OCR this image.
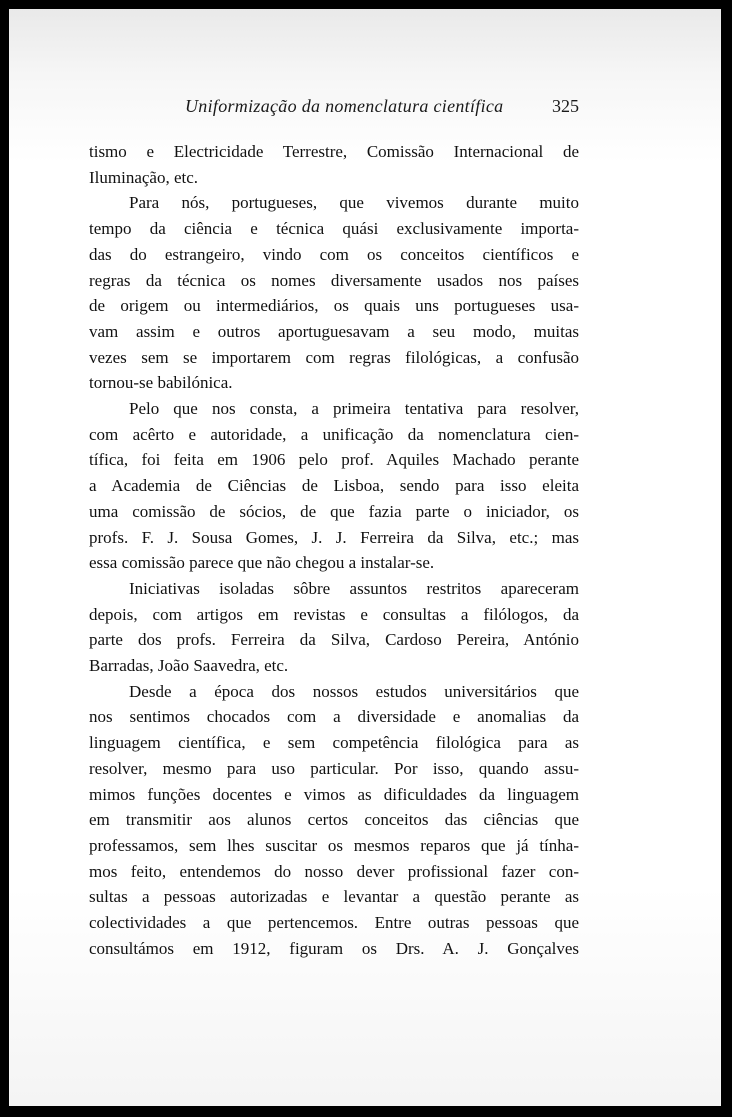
Uniformização da nomenclatura científica	325
tismo e Electricidade Terrestre, Comissão Internacional de
Iluminação, etc.
Para nós, portugueses, que vivemos durante muito
tempo da ciência e técnica quási exclusivamente importa-
das do estrangeiro, vindo com os conceitos científicos e
regras da técnica os nomes diversamente usados nos países
de origem ou intermediários, os quais uns portugueses usa-
vam assim e outros aportuguesavam a seu modo, muitas
vezes sem se importarem com regras filológicas, a confusão
tornou-se babilónica.
Pelo que nos consta, a primeira tentativa para resolver,
com acêrto e autoridade, a unificação da nomenclatura cien-
tífica, foi feita em 1906 pelo prof. Aquiles Machado perante
a Academia de Ciências de Lisboa, sendo para isso eleita
uma comissão de sócios, de que fazia parte o iniciador, os
profs. F. J. Sousa Gomes, J. J. Ferreira da Silva, etc.; mas
essa comissão parece que não chegou a instalar-se.
Iniciativas isoladas sôbre assuntos restritos apareceram
depois, com artigos em revistas e consultas a filólogos, da
parte dos profs. Ferreira da Silva, Cardoso Pereira, António
Barradas, João Saavedra, etc.
Desde a época dos nossos estudos universitários que
nos sentimos chocados com a diversidade e anomalias da
linguagem científica, e sem competência filológica para as
resolver, mesmo para uso particular. Por isso, quando assu-
mimos funções docentes e vimos as dificuldades da linguagem
em transmitir aos alunos certos conceitos das ciências que
professamos, sem lhes suscitar os mesmos reparos que já tínha-
mos feito, entendemos do nosso dever profissional fazer con-
sultas a pessoas autorizadas e levantar a questão perante as
colectividades a que pertencemos. Entre outras pessoas que
consultámos em 1912, figuram os Drs. A. J. Gonçalves
